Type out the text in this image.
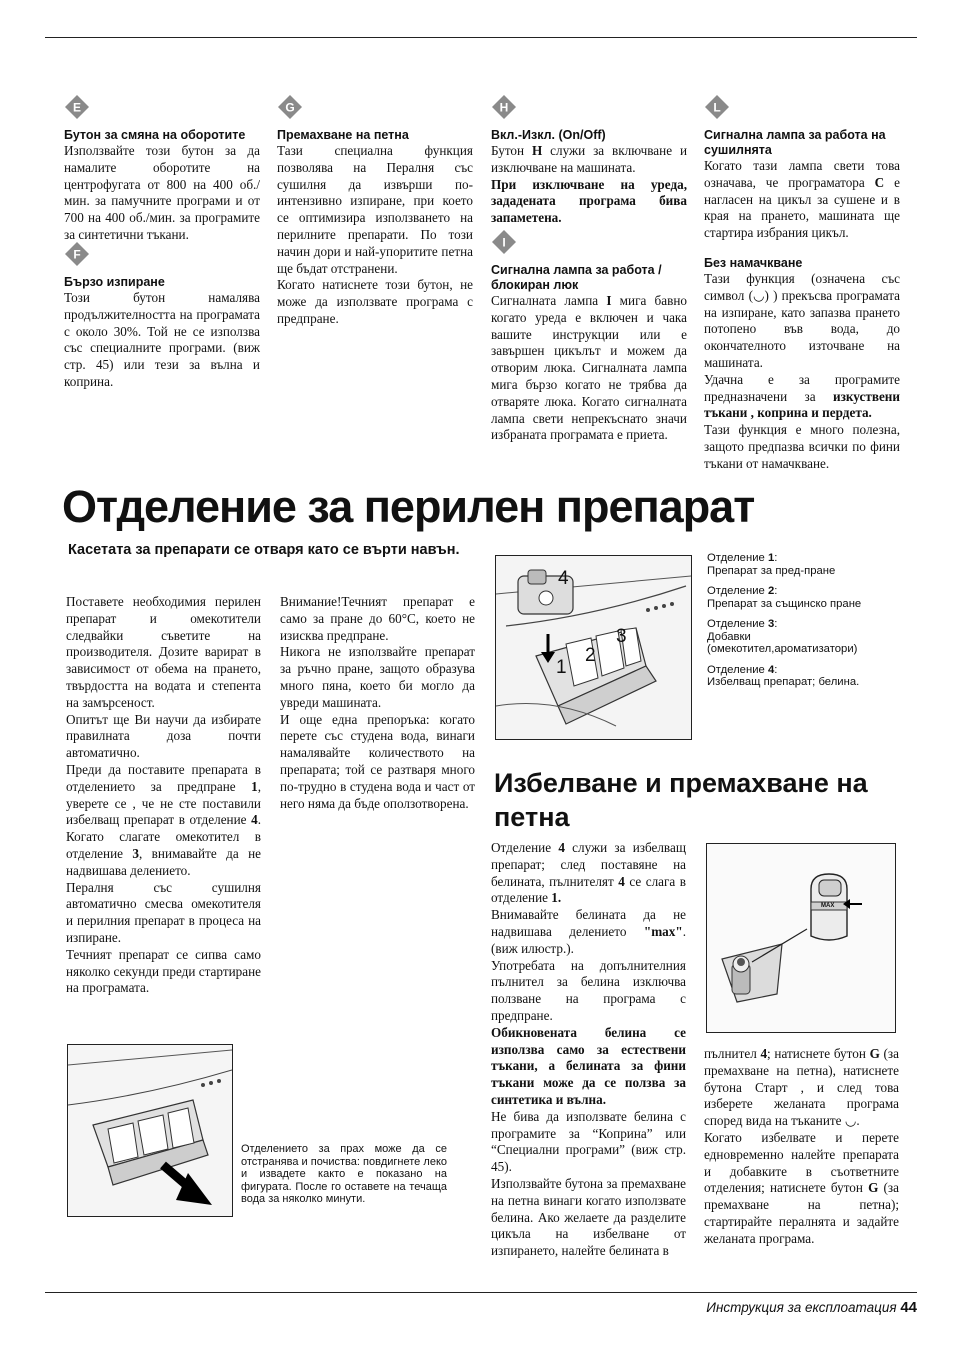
E
Бутон за смяна на оборотите
Използвайте този бутон за да намалите оборотите на центрофугата от 800 на 400 об./мин. за памучните програми и от 700 на 400 об./мин. за програмите за синтетични тъкани.
F
Бързо изпиране
Този бутон намалява продължителността на програмата с около 30%. Той не се използва със специалните програми. (виж стр. 45) или тези за вълна и коприна.
G
Премахване на петна
Тази специална функция позволява на Пералня със сушилня да извърши по-интензивно изпиране, при което се оптимизира използването на перилните препарати. По този начин дори и най-упоритите петна ще бъдат отстранени.
Когато натиснете този бутон, не може да използвате програма с предпране.
H
Вкл.-Изкл. (On/Off)
Бутон H служи за включване и изключване на машината.
При изключване на уреда, зададената програма бива запаметена.
I
Сигнална лампа за работа / блокиран люк
Сигналната лампа I мига бавно когато уреда е включен и чака вашите инструкции или е завършен цикълът и можем да отворим люка. Сигналната лампа мига бързо когато не трябва да отваряте люка. Когато сигналната лампа свети непрекъснато значи избраната програмата е приета.
L
Сигнална лампа за работа на сушилнята
Когато тази лампа свети това означава, че програматора C е нагласен на цикъл за сушене и в края на прането, машината ще стартира избрания цикъл.
Без намачкване
Тази функция (означена със символ (◡) ) прекъсва програмата на изпиране, като запазва прането потопено във вода, до окончателното източване на машината.
Удачна е за програмите предназначени за изкуствени тъкани , коприна и пердета.
Тази функция е много полезна, защото предпазва всички по фини тъкани от намачкване.
Отделение за перилен препарат
Касетата за препарати се отваря като се върти навън.
Поставете необходимия перилен препарат и омекотители следвайки съветите на производителя. Дозите варират в зависимост от обема на прането, твърдостта на водата и степента на замърсеност.
Опитът ще Ви научи да избирате правилната доза почти автоматично.
Преди да поставите препарата в отделението за предпране 1, уверете се , че не сте поставили избелващ препарат в отделение 4. Когато слагате омекотител в отделение 3, внимавайте да не надвишава делението.
Пералня със сушилня автоматично смесва омекотителя и перилния препарат в процеса на изпиране.
Течният препарат се сипва само няколко секунди преди стартиране на програмата.
Внимание!Течният препарат е само за пране до 60°C, което не изисква предпране.
Никога не използвайте препарат за ръчно пране, защото образува много пяна, което би могло да увреди машината.
И още една препоръка: когато перете със студена вода, винаги намалявайте количеството на препарата; той се разтваря много по-трудно в студена вода и част от него няма да бъде оползотворена.
4
1
2
3
Отделение 1:
Препарат за пред-пране
Отделение 2:
Препарат за същинско пране
Отделение 3:
Добавки
(омекотител,ароматизатори)
Отделение 4:
Избелващ препарат; белина.
Избелване и премахване на петна
Отделение 4 служи за избелващ препарат; след поставяне на белината, пълнителят 4 се слага в отделение 1.
Внимавайте белината да не надвишава делението "max". (виж илюстр.).
Употребата на допълнителния пълнител за белина изключва ползване на програма с предпране.
Обикновената белина се използва само за естествени тъкани, а белината за фини тъкани може да се ползва за синтетика и вълна.
Не бива да използвате белина с програмите за “Коприна” или “Специални програми” (виж стр. 45).
Използвайте бутона за премахване на петна винаги когато използвате белина. Ако желаете да разделите цикъла на избелване от изпирането, налейте белината в
пълнител 4; натиснете бутон G (за премахване на петна), натиснете бутона Старт , и след това изберете желаната програма според вида на тъканите ◡.
Когато избелвате и перете едновременно налейте препарата и добавките в съответните отделения; натиснете бутон G (за премахване на петна); стартирайте пералнята и задайте желаната програма.
MAX
Отделението за прах може да се отстранява и почиства: повдигнете леко и извадете както е показано на фигурата. После го оставете на течаща вода за няколко минути.
Инструкция за експлоатация 44
